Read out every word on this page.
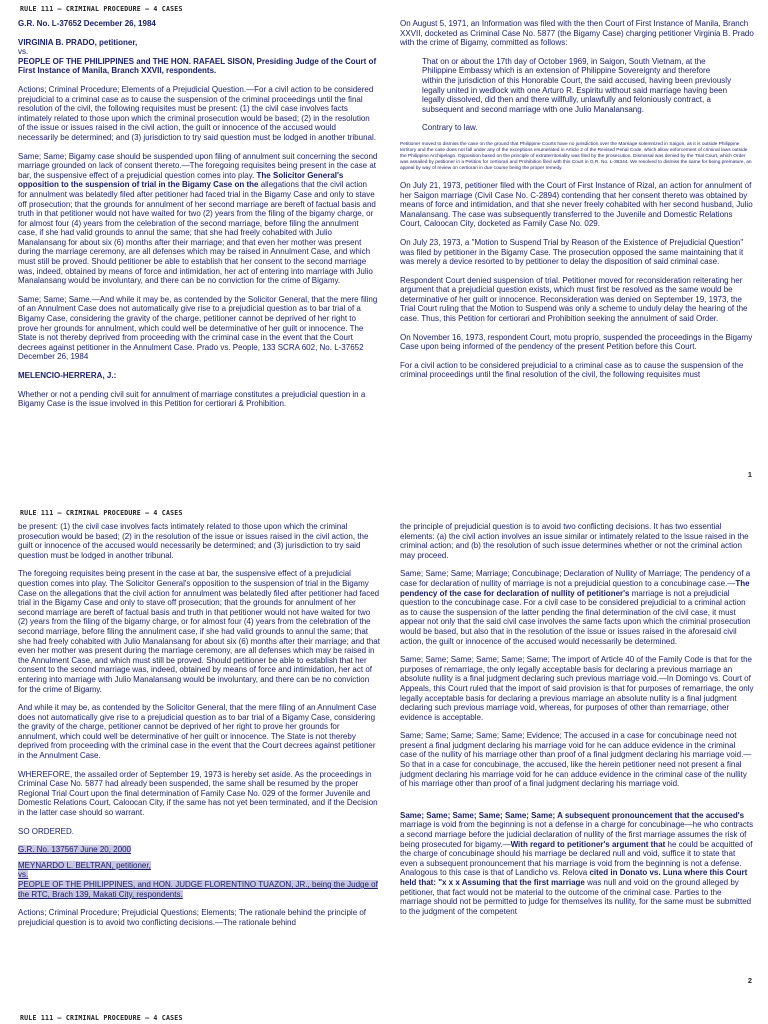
RULE 111 – CRIMINAL PROCEDURE – 4 CASES

G.R. No. L-37652 December 26, 1984

VIRGINIA B. PRADO, petitioner,

vs.

PEOPLE OF THE PHILIPPINES and THE HON. RAFAEL SISON, Presiding Judge of the Court of First Instance of Manila, Branch XXVII, respondents.

Actions; Criminal Procedure; Elements of a Prejudicial Question.—For a civil action to be considered prejudicial to a criminal case as to cause the suspension of the criminal proceedings until the final resolution of the civil, the following requisites must be present: (1) the civil case involves facts intimately related to those upon which the criminal prosecution would be based; (2) in the resolution of the issue or issues raised in the civil action, the guilt or innocence of the accused would necessarily be determined; and (3) jurisdiction to try said question must be lodged in another tribunal.

Same; Same; Bigamy case should be suspended upon filing of annulment suit concerning the second marriage grounded on lack of consent thereto.—The foregoing requisites being present in the case at bar, the suspensive effect of a prejudicial question comes into play. The Solicitor General's opposition to the suspension of trial in the Bigamy Case on the allegations that the civil action for annulment was belatedly filed after petitioner had faced trial in the Bigamy Case and only to stave off prosecution; that the grounds for annulment of her second marriage are bereft of factual basis and truth in that petitioner would not have waited for two (2) years from the filing of the bigamy charge, or for almost four (4) years from the celebration of the second marriage, before filing the annulment case, if she had valid grounds to annul the same; that she had freely cohabited with Julio Manalansang for about six (6) months after their marriage; and that even her mother was present during the marriage ceremony, are all defenses which may be raised in Annulment Case, and which must still be proved. Should petitioner be able to establish that her consent to the second marriage was, indeed, obtained by means of force and intimidation, her act of entering into marriage with Julio Manalansang would be involuntary, and there can be no conviction for the crime of Bigamy.

Same; Same; Same.—And while it may be, as contended by the Solicitor General, that the mere filing of an Annulment Case does not automatically give rise to a prejudicial question as to bar trial of a Bigamy Case, considering the gravity of the charge, petitioner cannot be deprived of her right to prove her grounds for annulment, which could well be determinative of her guilt or innocence. The State is not thereby deprived from proceeding with the criminal case in the event that the Court decrees against petitioner in the Annulment Case. Prado vs. People, 133 SCRA 602, No. L-37652 December 26, 1984

MELENCIO-HERRERA, J.:

Whether or not a pending civil suit for annulment of marriage constitutes a prejudicial question in a Bigamy Case is the issue involved in this Petition for certiorari & Prohibition.

On August 5, 1971, an Information was filed with the then Court of First Instance of Manila, Branch XXVII, docketed as Criminal Case No. 5877 (the Bigamy Case) charging petitioner Virginia B. Prado with the crime of Bigamy, committed as follows:

That on or about the 17th day of October 1969, in Saigon, South Vietnam, at the Philippine Embassy which is an extension of Philippine Sovereignty and therefore within the jurisdiction of this Honorable Court, the said accused, having been previously legally united in wedlock with one Arturo R. Espiritu without said marriage having been legally dissolved, did then and there willfully, unlawfully and feloniously contract, a subsequent and second marriage with one Julio Manalansang.

Contrary to law.

Petitioner moved to dismiss the case on the ground that Philippine Courts have no jurisdiction over the Marriage solemnized in Saigon, as it is outside Philippine territory and the case does not fall under any of the exceptions enumerated in Article 2 of the Revised Penal Code, which allow enforcement of criminal laws outside the Philippine Archipelago. Opposition based on the principle of extraterritoriality was filed by the prosecution. Dismissal was denied by the Trial Court, which Order was assailed by petitioner in a Petition for certiorari and Prohibition filed with this Court in G.R. No. L-36344. We resolved to dismiss the same for being premature, an appeal by way of review on certiorari in due course being the proper remedy.

On July 21, 1973, petitioner filed with the Court of First Instance of Rizal, an action for annulment of her Saigon marriage (Civil Case No. C-2894) contending that her consent thereto was obtained by means of force and intimidation, and that she never freely cohabited with her second husband, Julio Manalansang. The case was subsequently transferred to the Juvenile and Domestic Relations Court, Caloocan City, docketed as Family Case No. 029.

On July 23, 1973, a "Motion to Suspend Trial by Reason of the Existence of Prejudicial Question" was filed by petitioner in the Bigamy Case. The prosecution opposed the same maintaining that it was merely a device resorted to by petitioner to delay the disposition of said criminal case.

Respondent Court denied suspension of trial. Petitioner moved for reconsideration reiterating her argument that a prejudicial question exists, which must first be resolved as the same would be determinative of her guilt or innocence. Reconsideration was denied on September 19, 1973, the Trial Court ruling that the Motion to Suspend was only a scheme to unduly delay the hearing of the case. Thus, this Petition for certiorari and Prohibition seeking the annulment of said Order.

On November 16, 1973, respondent Court, motu proprio, suspended the proceedings in the Bigamy Case upon being informed of the pendency of the present Petition before this Court.

For a civil action to be considered prejudicial to a criminal case as to cause the suspension of the criminal proceedings until the final resolution of the civil, the following requisites must

1
RULE 111 – CRIMINAL PROCEDURE – 4 CASES

be present: (1) the civil case involves facts intimately related to those upon which the criminal prosecution would be based; (2) in the resolution of the issue or issues raised in the civil action, the guilt or innocence of the accused would necessarily be determined; and (3) jurisdiction to try said question must be lodged in another tribunal.

The foregoing requisites being present in the case at bar, the suspensive effect of a prejudicial question comes into play. The Solicitor General's opposition to the suspension of trial in the Bigamy Case on the allegations that the civil action for annulment was belatedly filed after petitioner had faced trial in the Bigamy Case and only to stave off prosecution; that the grounds for annulment of her second marriage are bereft of factual basis and truth in that petitioner would not have waited for two (2) years from the filing of the bigamy charge, or for almost four (4) years from the celebration of the second marriage, before filing the annulment case, if she had valid grounds to annul the same; that she had freely cohabited with Julio Manalansang for about six (6) months after their marriage; and that even her mother was present during the marriage ceremony, are all defenses which may be raised in the Annulment Case, and which must still be proved. Should petitioner be able to establish that her consent to the second marriage was, indeed, obtained by means of force and intimidation, her act of entering into marriage with Julio Manalansang would be involuntary, and there can be no conviction for the crime of Bigamy.

And while it may be, as contended by the Solicitor General, that the mere filing of an Annulment Case does not automatically give rise to a prejudicial question as to bar trial of a Bigamy Case, considering the gravity of the charge, petitioner cannot be deprived of her right to prove her grounds for annulment, which could well be determinative of her guilt or innocence. The State is not thereby deprived from proceeding with the criminal case in the event that the Court decrees against petitioner in the Annulment Case.

WHEREFORE, the assailed order of September 19, 1973 is hereby set aside. As the proceedings in Criminal Case No. 5877 had already been suspended, the same shall be resumed by the proper Regional Trial Court upon the final determination of Family Case No. 029 of the former Juvenile and Domestic Relations Court, Caloocan City, if the same has not yet been terminated, and if the Decision in the latter case should so warrant.

SO ORDERED.

G.R. No. 137567 June 20, 2000

MEYNARDO L. BELTRAN, petitioner,

vs.

PEOPLE OF THE PHILIPPINES, and HON. JUDGE FLORENTINO TUAZON, JR., being the Judge of the RTC, Brach 139, Makati City, respondents.

Actions; Criminal Procedure; Prejudicial Questions; Elements; The rationale behind the principle of prejudicial question is to avoid two conflicting decisions.—The rationale behind

the principle of prejudicial question is to avoid two conflicting decisions. It has two essential elements: (a) the civil action involves an issue similar or intimately related to the issue raised in the criminal action; and (b) the resolution of such issue determines whether or not the criminal action may proceed.

Same; Same; Same; Marriage; Concubinage; Declaration of Nullity of Marriage; The pendency of a case for declaration of nullity of marriage is not a prejudicial question to a concubinage case.—The pendency of the case for declaration of nullity of petitioner's marriage is not a prejudicial question to the concubinage case. For a civil case to be considered prejudicial to a criminal action as to cause the suspension of the latter pending the final determination of the civil case, it must appear not only that the said civil case involves the same facts upon which the criminal prosecution would be based, but also that in the resolution of the issue or issues raised in the aforesaid civil action, the guilt or innocence of the accused would necessarily be determined.

Same; Same; Same; Same; Same; Same; The import of Article 40 of the Family Code is that for the purposes of remarriage, the only legally acceptable basis for declaring a previous marriage an absolute nullity is a final judgment declaring such previous marriage void.—In Domingo vs. Court of Appeals, this Court ruled that the import of said provision is that for purposes of remarriage, the only legally acceptable basis for declaring a previous marriage an absolute nullity is a final judgment declaring such previous marriage void, whereas, for purposes of other than remarriage, other evidence is acceptable.

Same; Same; Same; Same; Same; Evidence; The accused in a case for concubinage need not present a final judgment declaring his marriage void for he can adduce evidence in the criminal case of the nullity of his marriage other than proof of a final judgment declaring his marriage void.—So that in a case for concubinage, the accused, like the herein petitioner need not present a final judgment declaring his marriage void for he can adduce evidence in the criminal case of the nullity of his marriage other than proof of a final judgment declaring his marriage void.

Same; Same; Same; Same; Same; Same; A subsequent pronouncement that the accused's marriage is void from the beginning is not a defense in a charge for concubinage—he who contracts a second marriage before the judicial declaration of nullity of the first marriage assumes the risk of being prosecuted for bigamy.—With regard to petitioner's argument that he could be acquitted of the charge of concubinage should his marriage be declared null and void, suffice it to state that even a subsequent pronouncement that his marriage is void from the beginning is not a defense. Analogous to this case is that of Landicho vs. Relova cited in Donato vs. Luna where this Court held that: "x x x Assuming that the first marriage was null and void on the ground alleged by petitioner, that fact would not be material to the outcome of the criminal case. Parties to the marriage should not be permitted to judge for themselves its nullity, for the same must be submitted to the judgment of the competent

2
RULE 111 – CRIMINAL PROCEDURE – 4 CASES
